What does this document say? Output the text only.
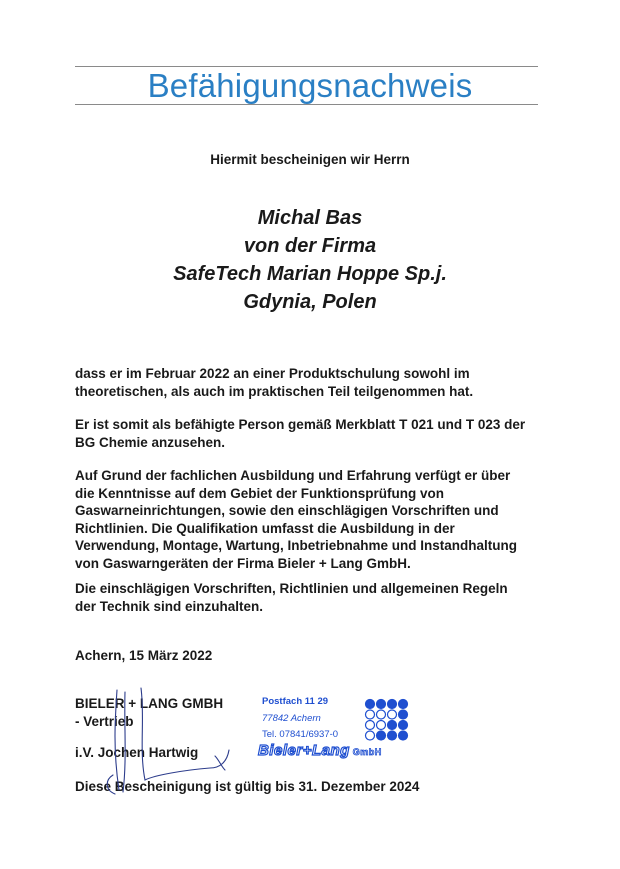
Befähigungsnachweis
Hiermit bescheinigen wir Herrn
Michal Bas
von der Firma
SafeTech Marian Hoppe Sp.j.
Gdynia, Polen
dass er im Februar 2022 an einer Produktschulung sowohl im
theoretischen, als auch im praktischen Teil teilgenommen hat.
Er ist somit als befähigte Person gemäß Merkblatt T 021 und T 023 der
BG Chemie anzusehen.
Auf Grund der fachlichen Ausbildung und Erfahrung verfügt er über
die Kenntnisse auf dem Gebiet der Funktionsprüfung von
Gaswarneinrichtungen, sowie den einschlägigen Vorschriften und
Richtlinien. Die Qualifikation umfasst die Ausbildung in der
Verwendung, Montage, Wartung, Inbetriebnahme und Instandhaltung
von Gaswarngeräten der Firma Bieler + Lang GmbH.
Die einschlägigen Vorschriften, Richtlinien und allgemeinen Regeln
der Technik sind einzuhalten.
Achern, 15 März 2022
BIELER + LANG GMBH
- Vertrieb
i.V. Jochen Hartwig
Diese Bescheinigung ist gültig bis 31. Dezember 2024
Postfach 11 29
77842 Achern
Tel. 07841/6937-0
Bieler+Lang GmbH
